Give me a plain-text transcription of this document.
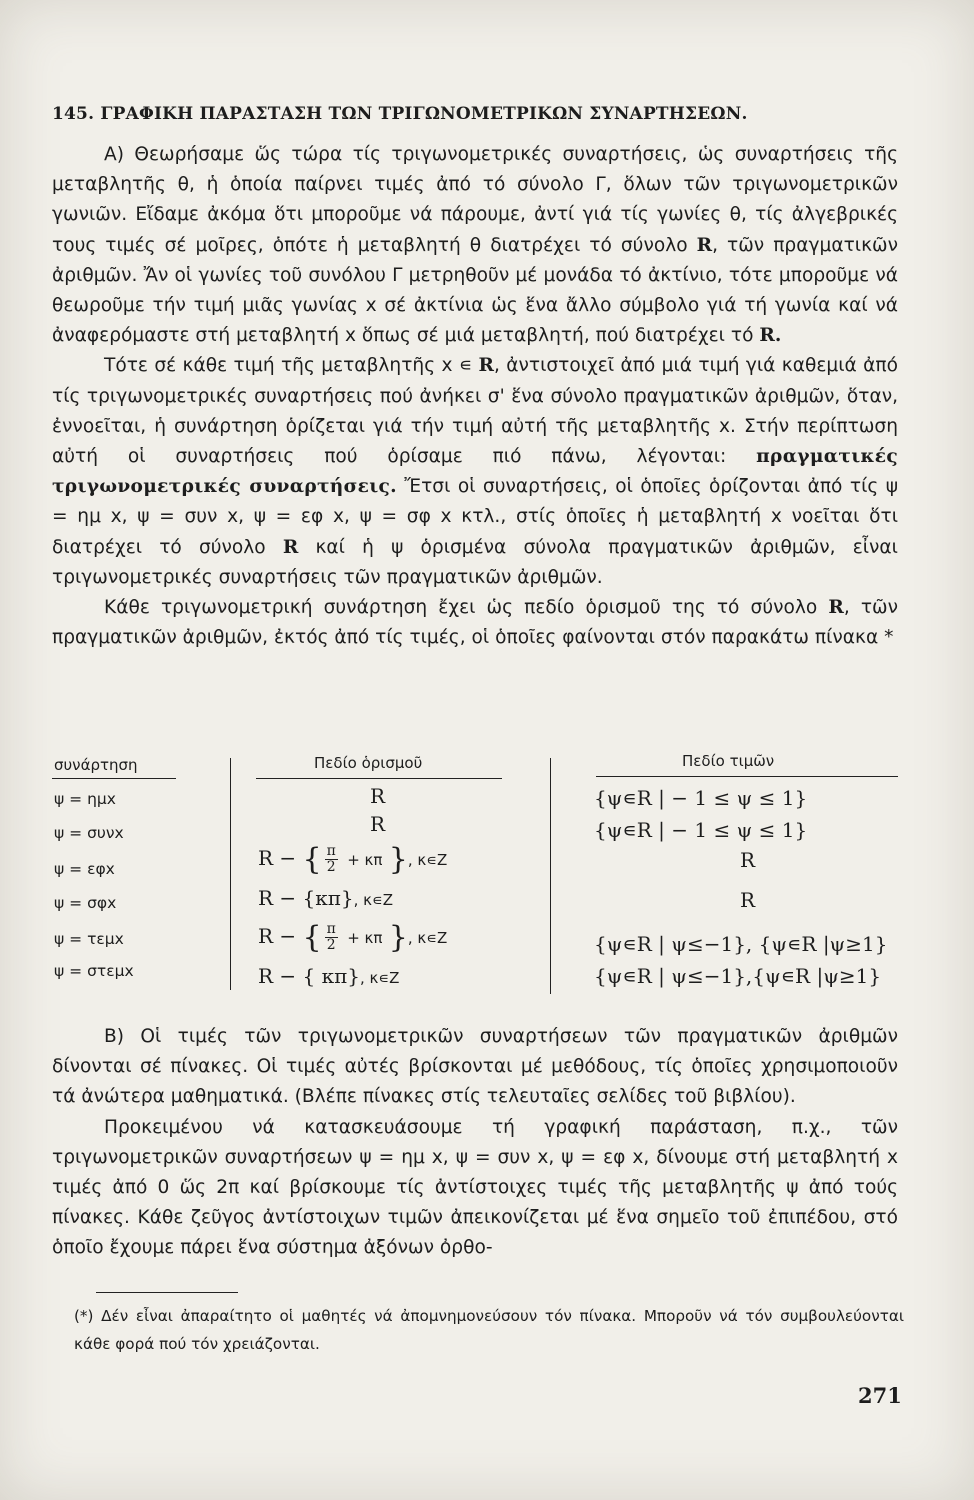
145. ΓΡΑΦΙΚΗ ΠΑΡΑΣΤΑΣΗ ΤΩΝ ΤΡΙΓΩΝΟΜΕΤΡΙΚΩΝ ΣΥΝΑΡΤΗΣΕΩΝ.

Α) Θεωρήσαμε ὥς τώρα τίς τριγωνομετρικές συναρτήσεις, ὡς συναρτήσεις τῆς μεταβλητῆς θ, ἡ ὁποία παίρνει τιμές ἀπό τό σύνολο Γ, ὅλων τῶν τριγωνομετρικῶν γωνιῶν. Εἴδαμε ἀκόμα ὅτι μποροῦμε νά πάρουμε, ἀντί γιά τίς γωνίες θ, τίς ἀλγεβρικές τους τιμές σέ μοῖρες, ὁπότε ἡ μεταβλητή θ διατρέχει τό σύνολο R, τῶν πραγματικῶν ἀριθμῶν. Ἄν οἱ γωνίες τοῦ συνόλου Γ μετρηθοῦν μέ μονάδα τό ἀκτίνιο, τότε μποροῦμε νά θεωροῦμε τήν τιμή μιᾶς γωνίας x σέ ἀκτίνια ὡς ἕνα ἄλλο σύμβολο γιά τή γωνία καί νά ἀναφερόμαστε στή μεταβλητή x ὅπως σέ μιά μεταβλητή, πού διατρέχει τό R.

Τότε σέ κάθε τιμή τῆς μεταβλητῆς x ∊ R, ἀντιστοιχεῖ ἀπό μιά τιμή γιά καθεμιά ἀπό τίς τριγωνομετρικές συναρτήσεις πού ἀνήκει σ' ἕνα σύνολο πραγματικῶν ἀριθμῶν, ὅταν, ἐννοεῖται, ἡ συνάρτηση ὁρίζεται γιά τήν τιμή αὐτή τῆς μεταβλητῆς x. Στήν περίπτωση αὐτή οἱ συναρτήσεις πού ὁρίσαμε πιό πάνω, λέγονται: πραγματικές τριγωνομετρικές συναρτήσεις. Ἔτσι οἱ συναρτήσεις, οἱ ὁποῖες ὁρίζονται ἀπό τίς ψ = ημ x, ψ = συν x, ψ = εφ x, ψ = σφ x κτλ., στίς ὁποῖες ἡ μεταβλητή x νοεῖται ὅτι διατρέχει τό σύνολο R καί ἡ ψ ὁρισμένα σύνολα πραγματικῶν ἀριθμῶν, εἶναι τριγωνομετρικές συναρτήσεις τῶν πραγματικῶν ἀριθμῶν.

Κάθε τριγωνομετρική συνάρτηση ἔχει ὡς πεδίο ὁρισμοῦ της τό σύνολο R, τῶν πραγματικῶν ἀριθμῶν, ἐκτός ἀπό τίς τιμές, οἱ ὁποῖες φαίνονται στόν παρακάτω πίνακα *

συνάρτηση	Πεδίο ὁρισμοῦ	Πεδίο τιμῶν
ψ = ημx	R	{ψ∊R | − 1 ≤ ψ ≤ 1}
ψ = συνx	R	{ψ∊R | − 1 ≤ ψ ≤ 1}
ψ = εφx	R − { $\frac{\pi}{2} + \kappa\pi$ }, κ∊Z	R
ψ = σφx	R − {κπ}, κ∊Z	R
ψ = τεμx	R − { $\frac{\pi}{2} + \kappa\pi$ }, κ∊Z	{ψ∊R | ψ≤−1}, {ψ∊R |ψ≥1}
ψ = στεμx	R − { κπ}, κ∊Z	{ψ∊R | ψ≤−1},{ψ∊R |ψ≥1}

Β) Οἱ τιμές τῶν τριγωνομετρικῶν συναρτήσεων τῶν πραγματικῶν ἀριθμῶν δίνονται σέ πίνακες. Οἱ τιμές αὐτές βρίσκονται μέ μεθόδους, τίς ὁποῖες χρησιμοποιοῦν τά ἀνώτερα μαθηματικά. (Βλέπε πίνακες στίς τελευταῖες σελίδες τοῦ βιβλίου).

Προκειμένου νά κατασκευάσουμε τή γραφική παράσταση, π.χ., τῶν τριγωνομετρικῶν συναρτήσεων ψ = ημ x, ψ = συν x, ψ = εφ x, δίνουμε στή μεταβλητή x τιμές ἀπό 0 ὥς 2π καί βρίσκουμε τίς ἀντίστοιχες τιμές τῆς μεταβλητῆς ψ ἀπό τούς πίνακες. Κάθε ζεῦγος ἀντίστοιχων τιμῶν ἀπεικονίζεται μέ ἕνα σημεῖο τοῦ ἐπιπέδου, στό ὁποῖο ἔχουμε πάρει ἕνα σύστημα ἀξόνων ὀρθο-

(*) Δέν εἶναι ἀπαραίτητο οἱ μαθητές νά ἀπομνημονεύσουν τόν πίνακα. Μποροῦν νά τόν συμβουλεύονται κάθε φορά πού τόν χρειάζονται.
271
